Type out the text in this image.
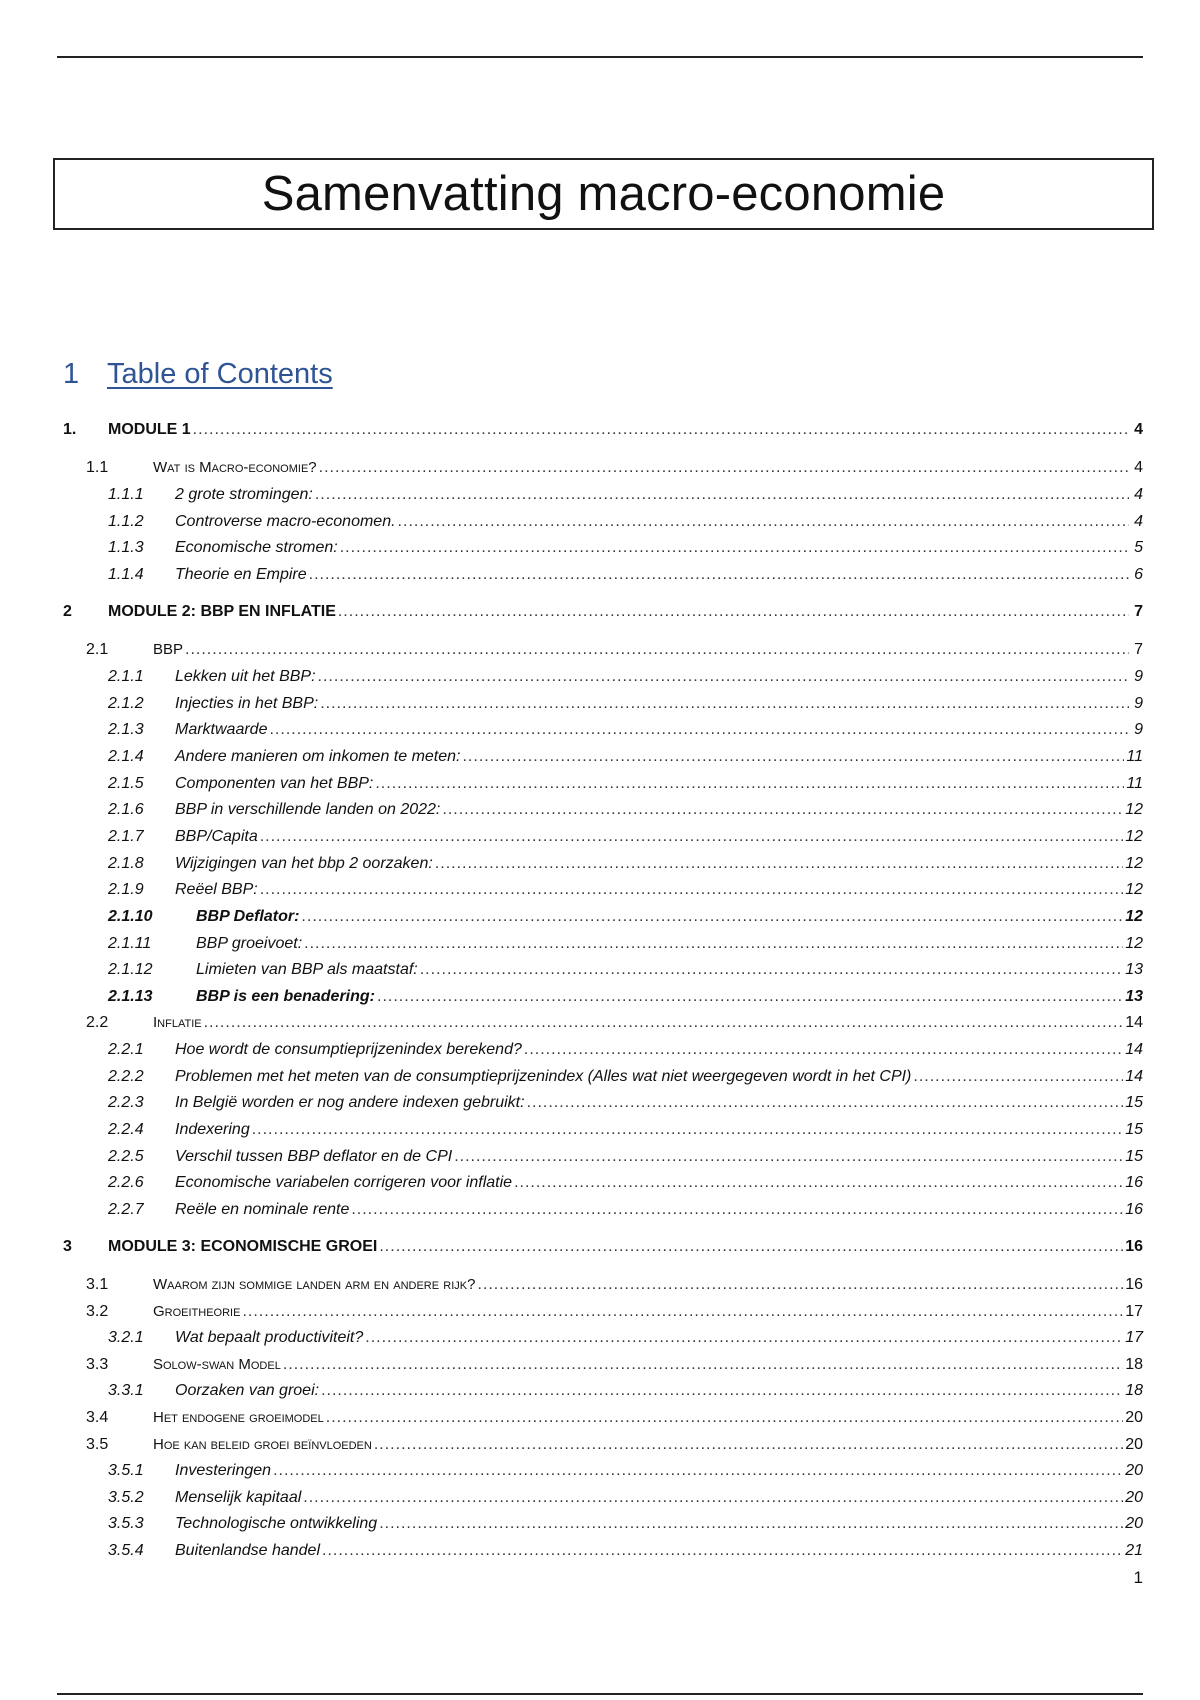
Samenvatting macro-economie
1 Table of Contents
1.	MODULE 1 .....	4
1.1	Wat is Macro-economie? .....	4
1.1.1	2 grote stromingen: .....	4
1.1.2	Controverse macro-economen. .....	4
1.1.3	Economische stromen: .....	5
1.1.4	Theorie en Empire .....	6
2	MODULE 2: BBP EN INFLATIE .....	7
2.1	BBP .....	7
2.1.1	Lekken uit het BBP: .....	9
2.1.2	Injecties in het BBP: .....	9
2.1.3	Marktwaarde .....	9
2.1.4	Andere manieren om inkomen te meten: .....	11
2.1.5	Componenten van het BBP: .....	11
2.1.6	BBP in verschillende landen on 2022: .....	12
2.1.7	BBP/Capita .....	12
2.1.8	Wijzigingen van het bbp 2 oorzaken: .....	12
2.1.9	Reëel BBP: .....	12
2.1.10	BBP Deflator: .....	12
2.1.11	BBP groeivoet: .....	12
2.1.12	Limieten van BBP als maatstaf: .....	13
2.1.13	BBP is een benadering: .....	13
2.2	Inflatie .....	14
2.2.1	Hoe wordt de consumptieprijzenindex berekend? .....	14
2.2.2	Problemen met het meten van de consumptieprijzenindex (Alles wat niet weergegeven wordt in het CPI) .....	14
2.2.3	In België worden er nog andere indexen gebruikt: .....	15
2.2.4	Indexering .....	15
2.2.5	Verschil tussen BBP deflator en de CPI .....	15
2.2.6	Economische variabelen corrigeren voor inflatie .....	16
2.2.7	Reële en nominale rente .....	16
3	MODULE 3: ECONOMISCHE GROEI .....	16
3.1	Waarom zijn sommige landen arm en andere rijk? .....	16
3.2	Groeitheorie .....	17
3.2.1	Wat bepaalt productiviteit? .....	17
3.3	Solow-swan Model .....	18
3.3.1	Oorzaken van groei: .....	18
3.4	Het endogene groeimodel .....	20
3.5	Hoe kan beleid groei beïnvloeden .....	20
3.5.1	Investeringen .....	20
3.5.2	Menselijk kapitaal .....	20
3.5.3	Technologische ontwikkeling .....	20
3.5.4	Buitenlandse handel .....	21
1
